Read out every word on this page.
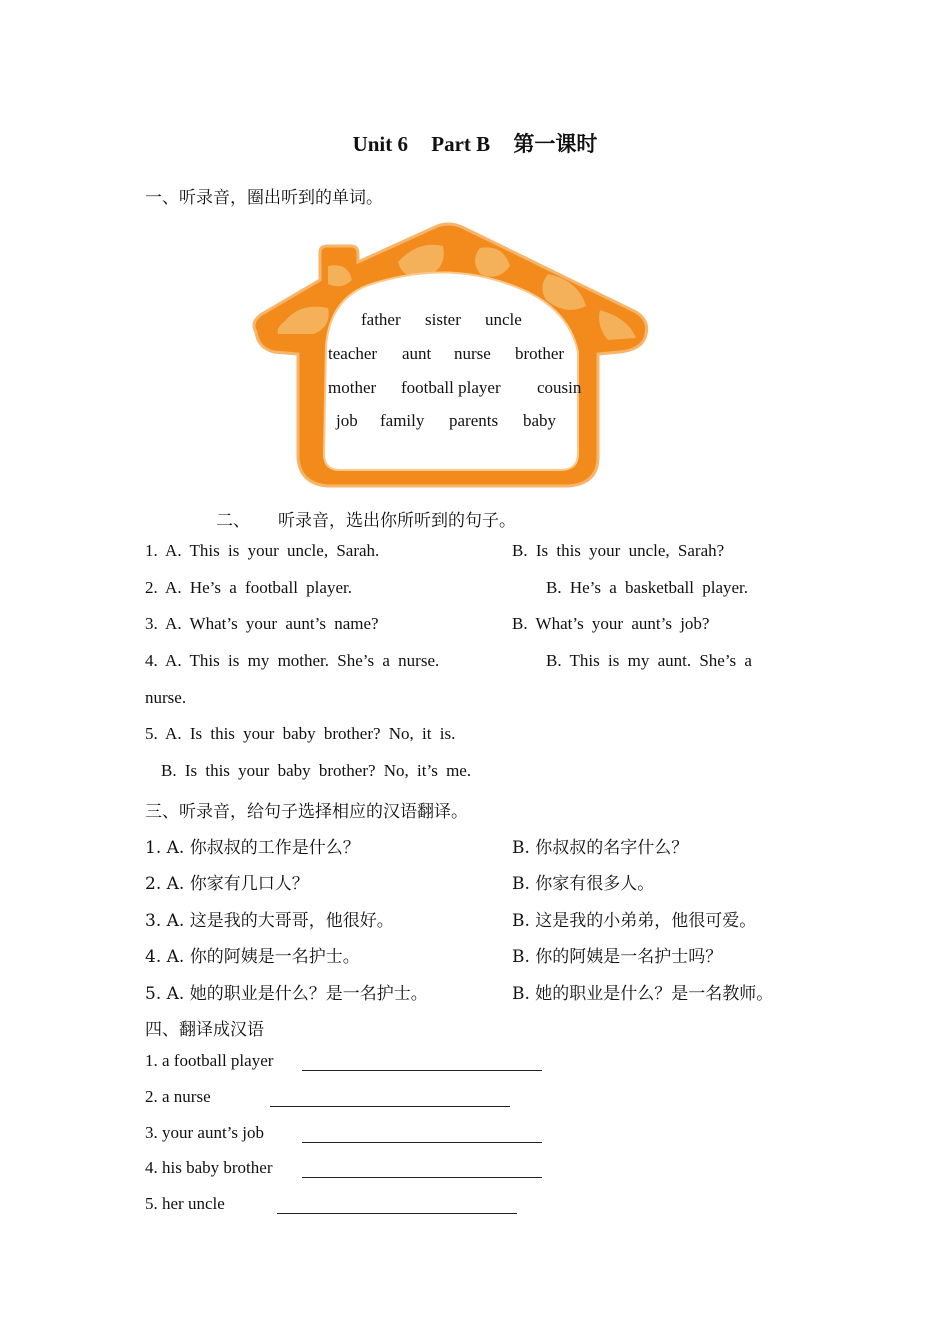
Unit 6 Part B 第一课时
一、听录音，圈出听到的单词。
father sister uncle
teacher aunt nurse brother
mother football player cousin
job family parents baby
二、 听录音，选出你所听到的句子。
1. A. This is your uncle, Sarah.	B. Is this your uncle, Sarah?
2. A. He’s a football player.	B. He’s a basketball player.
3. A. What’s your aunt’s name?	B. What’s your aunt’s job?
4. A. This is my mother. She’s a nurse.	B. This is my aunt. She’s a
nurse.
5. A. Is this your baby brother? No, it is.
B. Is this your baby brother? No, it’s me.
三、听录音，给句子选择相应的汉语翻译。
1. A. 你叔叔的工作是什么？	B. 你叔叔的名字什么？
2. A. 你家有几口人？	B. 你家有很多人。
3. A. 这是我的大哥哥，他很好。	B. 这是我的小弟弟，他很可爱。
4. A. 你的阿姨是一名护士。	B. 你的阿姨是一名护士吗？
5. A. 她的职业是什么？是一名护士。	B. 她的职业是什么？是一名教师。
四、翻译成汉语
1. a football player
2. a nurse
3. your aunt’s job
4. his baby brother
5. her uncle
